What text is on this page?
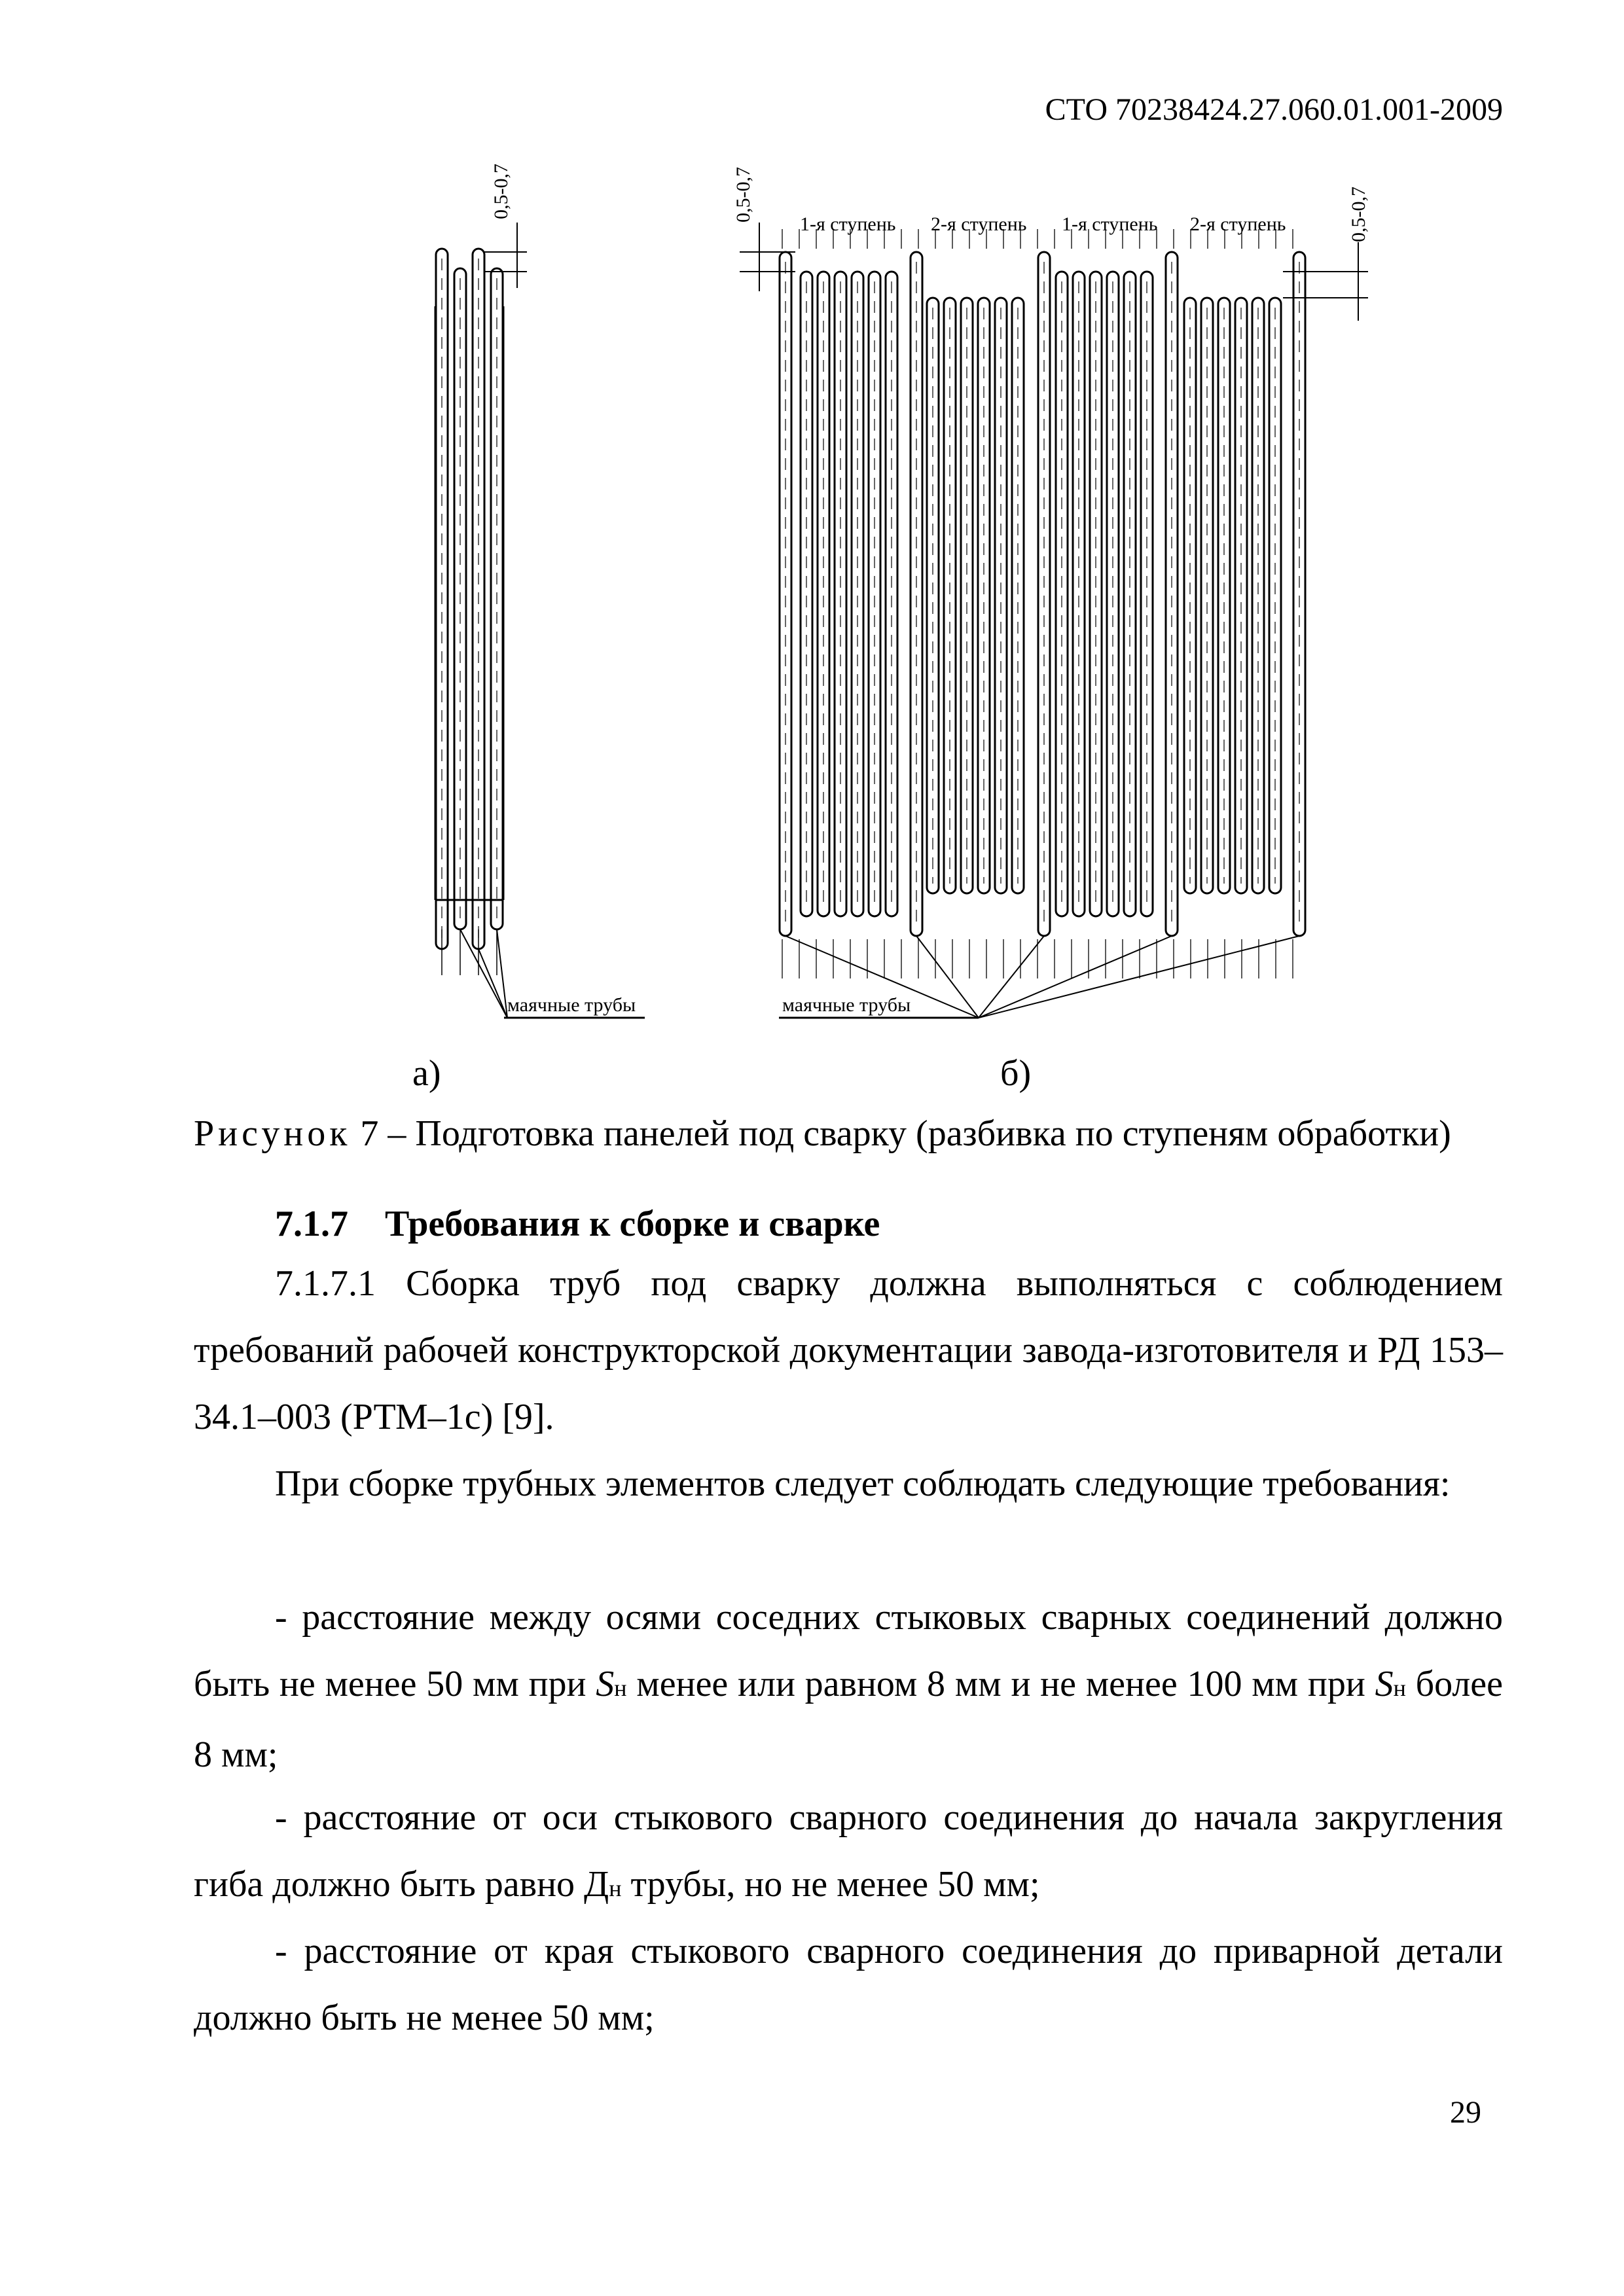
СТО 70238424.27.060.01.001-2009
0,5-0,7	0,5-0,7	0,5-0,7
1-я ступень 2-я ступень 1-я ступень 2-я ступень
маячные трубы	маячные трубы
а)	б)
Рисунок 7 – Подготовка панелей под сварку (разбивка по ступеням обработки)
7.1.7 Требования к сборке и сварке

7.1.7.1 Сборка труб под сварку должна выполняться с соблюдением требований рабочей конструкторской документации завода-изготовителя и РД 153–34.1–003 (РТМ–1с) [9].

При сборке трубных элементов следует соблюдать следующие требования:

- расстояние между осями соседних стыковых сварных соединений должно быть не менее 50 мм при Sн менее или равном 8 мм и не менее 100 мм при Sн более 8 мм;

- расстояние от оси стыкового сварного соединения до начала закругления гиба должно быть равно Дн трубы, но не менее 50 мм;

- расстояние от края стыкового сварного соединения до приварной детали должно быть не менее 50 мм;

29
